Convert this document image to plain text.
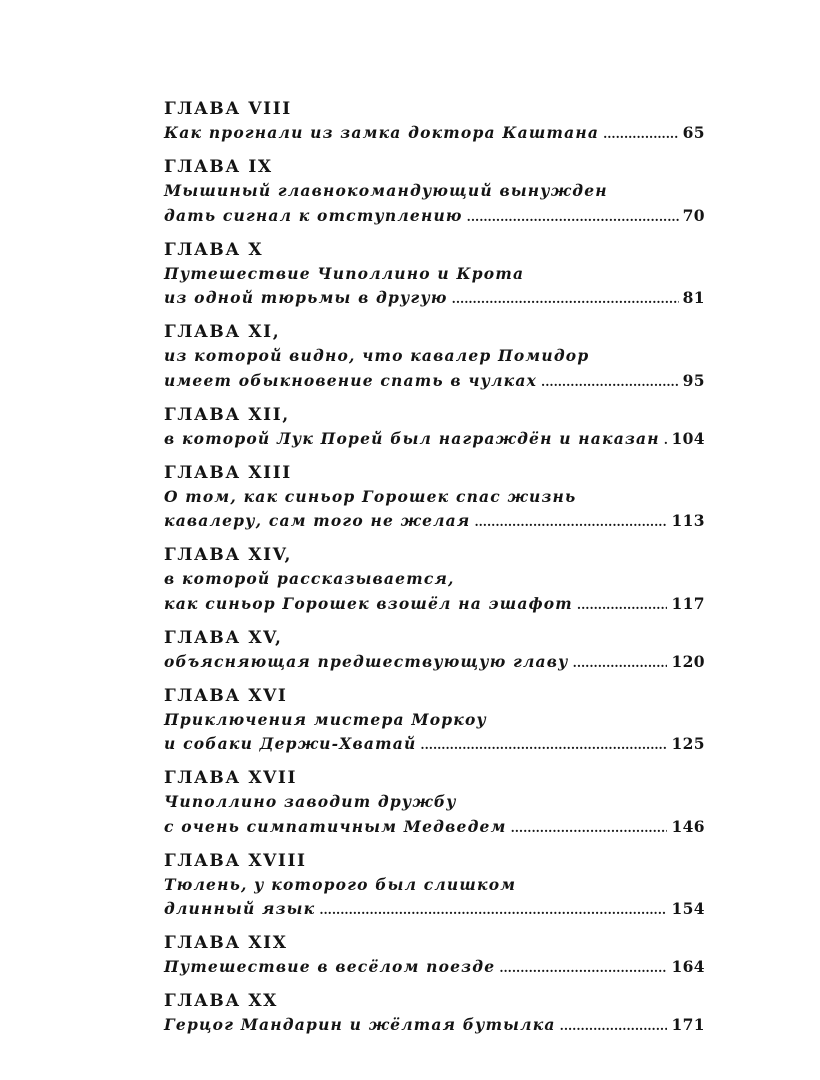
ГЛАВА VIII
Как прогнали из замка доктора Каштана .....	65
ГЛАВА IX
Мышиный главнокомандующий вынужден
дать сигнал к отступлению .....	70
ГЛАВА X
Путешествие Чиполлино и Крота
из одной тюрьмы в другую .....	81
ГЛАВА XI,
из которой видно, что кавалер Помидор
имеет обыкновение спать в чулках .....	95
ГЛАВА XII,
в которой Лук Порей был награждён и наказан ..... 104
ГЛАВА XIII
О том, как синьор Горошек спас жизнь
кавалеру, сам того не желая .....	113
ГЛАВА XIV,
в которой рассказывается,
как синьор Горошек взошёл на эшафот .....	117
ГЛАВА XV,
объясняющая предшествующую главу .....	120
ГЛАВА XVI
Приключения мистера Моркоу
и собаки Держи-Хватай .....	125
ГЛАВА XVII
Чиполлино заводит дружбу
с очень симпатичным Медведем .....	146
ГЛАВА XVIII
Тюлень, у которого был слишком
длинный язык .....	154
ГЛАВА XIX
Путешествие в весёлом поезде .....	164
ГЛАВА XX
Герцог Мандарин и жёлтая бутылка .....	171
